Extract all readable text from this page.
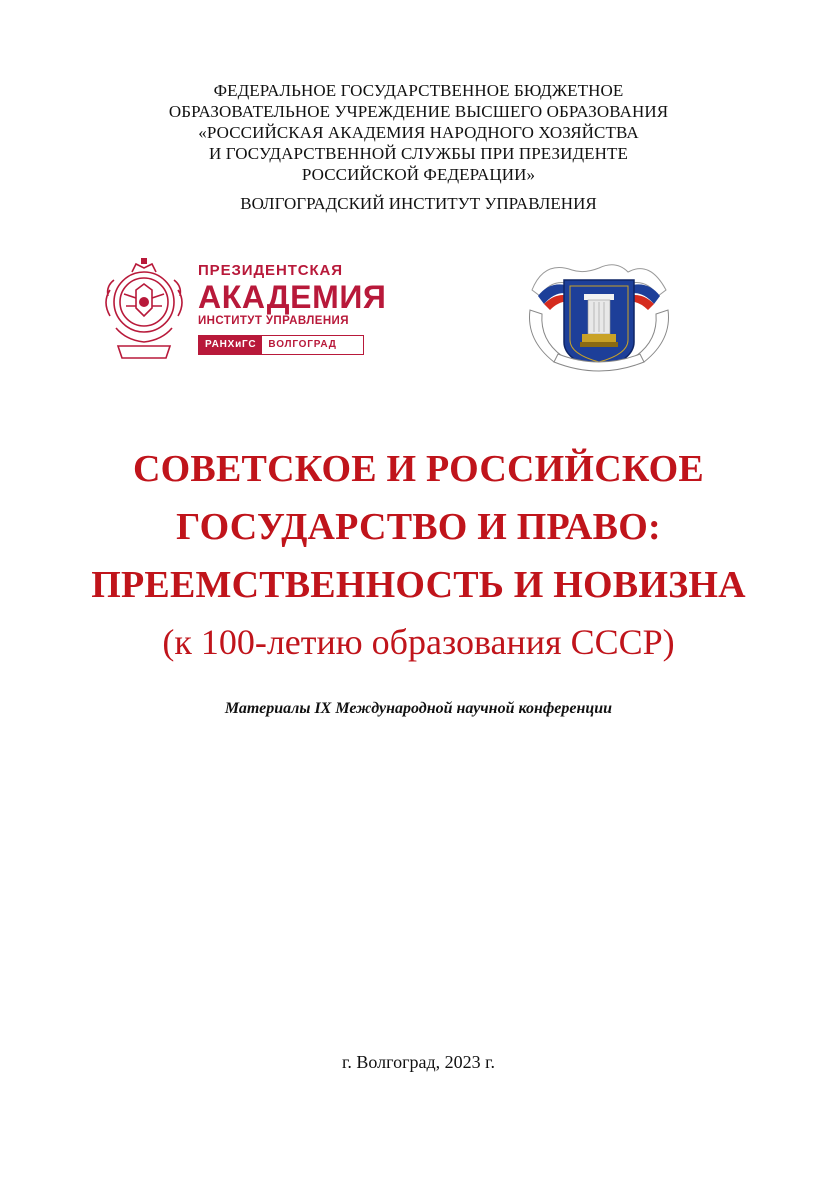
ФЕДЕРАЛЬНОЕ ГОСУДАРСТВЕННОЕ БЮДЖЕТНОЕ
ОБРАЗОВАТЕЛЬНОЕ УЧРЕЖДЕНИЕ ВЫСШЕГО ОБРАЗОВАНИЯ
«РОССИЙСКАЯ АКАДЕМИЯ НАРОДНОГО ХОЗЯЙСТВА
И ГОСУДАРСТВЕННОЙ СЛУЖБЫ ПРИ ПРЕЗИДЕНТЕ
РОССИЙСКОЙ ФЕДЕРАЦИИ»
ВОЛГОГРАДСКИЙ ИНСТИТУТ УПРАВЛЕНИЯ
ПРЕЗИДЕНТСКАЯ
АКАДЕМИЯ
ИНСТИТУТ УПРАВЛЕНИЯ
РАНХиГС	ВОЛГОГРАД
СОВЕТСКОЕ И РОССИЙСКОЕ
ГОСУДАРСТВО И ПРАВО:
ПРЕЕМСТВЕННОСТЬ И НОВИЗНА
(к 100-летию образования СССР)
Материалы IX Международной научной конференции
г. Волгоград, 2023 г.
